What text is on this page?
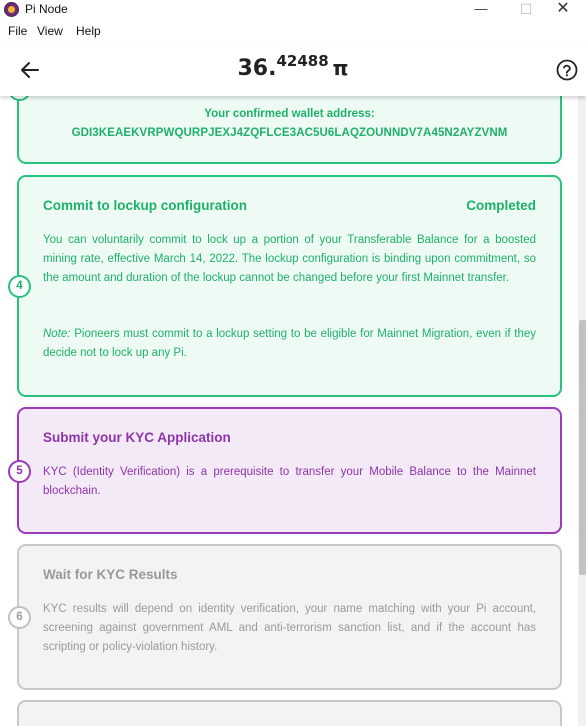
Pi Node	—	☐	✕
File View Help
36.$^{42488}$ π
Your confirmed wallet address:
GDI3KEAEKVRPWQURPJEXJ4ZQFLCE3AC5U6LAQZOUNNDV7A45N2AYZVNM
Commit to lockup configuration	Completed
4
You can voluntarily commit to lock up a portion of your Transferable Balance for a boosted mining rate, effective March 14, 2022. The lockup configuration is binding upon commitment, so the amount and duration of the lockup cannot be changed before your first Mainnet transfer.
Note: Pioneers must commit to a lockup setting to be eligible for Mainnet Migration, even if they decide not to lock up any Pi.
Submit your KYC Application
5	KYC (Identity Verification) is a prerequisite to transfer your Mobile Balance to the Mainnet blockchain.
Wait for KYC Results
6
KYC results will depend on identity verification, your name matching with your Pi account, screening against government AML and anti-terrorism sanction list, and if the account has scripting or policy-violation history.
